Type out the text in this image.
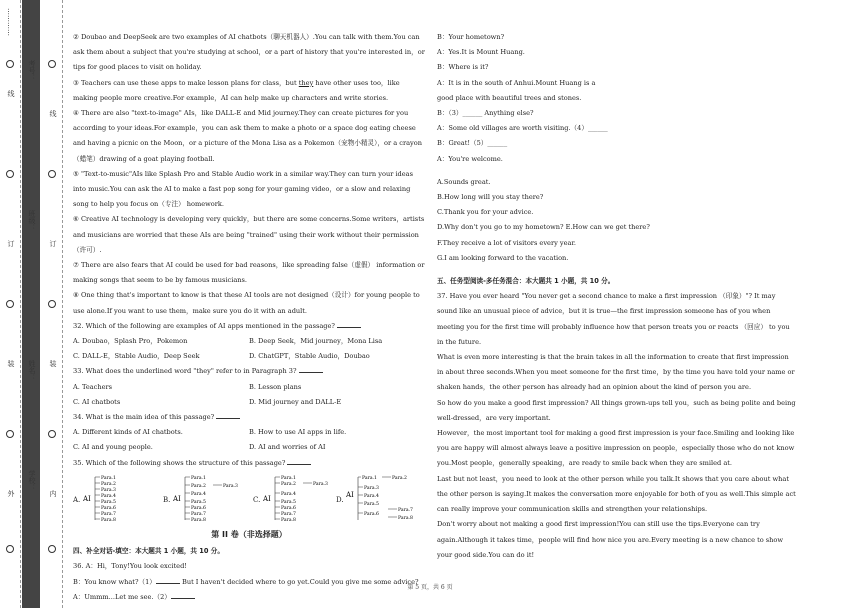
…………
线
订
装
外
考号：
班级：
姓名：
学校：
线
订
装
内

② Doubao and DeepSeek are two examples of AI chatbots（聊天机器人）.You can talk with them.You can ask them about a subject that you're studying at school，or a part of history that you're interested in，or tips for good places to visit on holiday.

③ Teachers can use these apps to make lesson plans for class，but they have other uses too，like making people more creative.For example，AI can help make up characters and write stories.

④ There are also "text-to-image" AIs，like DALL-E and Mid journey.They can create pictures for you according to your ideas.For example，you can ask them to make a photo or a space dog eating cheese and having a picnic on the Moon，or a picture of the Mona Lisa as a Pokemon（宠物小精灵），or a crayon（蜡笔）drawing of a goat playing football.

⑤ "Text-to-music"AIs like Splash Pro and Stable Audio work in a similar way.They can turn your ideas into music.You can ask the AI to make a fast pop song for your gaming video，or a slow and relaxing song to help you focus on（专注） homework.

⑥ Creative AI technology is developing very quickly，but there are some concerns.Some writers，artists and musicians are worried that these AIs are being "trained" using their work without their permission（许可）.

⑦ There are also fears that AI could be used for bad reasons，like spreading false（虚假） information or making songs that seem to be by famous musicians.

⑧ One thing that's important to know is that these AI tools are not designed（设计）for young people to use alone.If you want to use them，make sure you do it with an adult.

32. Which of the following are examples of AI apps mentioned in the passage?

A. Doubao，Splash Pro，Pokemon	B. Deep Seek，Mid journey，Mona Lisa
C. DALL-E，Stable Audio，Deep Seek	D. ChatGPT，Stable Audio，Doubao

33. What does the underlined word "they" refer to in Paragraph 3?

A. Teachers	B. Lesson plans
C. AI chatbots	D. Mid journey and DALL-E

34. What is the main idea of this passage?

A. Different kinds of AI chatbots.	B. How to use AI apps in life.
C. AI and young people.	D. AI and worries of AI

35. Which of the following shows the structure of this passage?

A. AI
Para.1
Para.2
Para.3
Para.4
Para.5
Para.6
Para.7
Para.8
B. AI
Para.1
Para.2	Para.3
Para.4
Para.5
Para.6
Para.7
Para.8
C. AI
Para.1
Para.2	Para.3
Para.4
Para.5
Para.6
Para.7
Para.8
D.
AI
Para.1	Para.2
Para.3
Para.4
Para.5
Para.6
Para.7
Para.8
第 II 卷（非选择题）

四、补全对话-填空：本大题共 1 小题，共 10 分。

36. A：Hi，Tony!You look excited!

B：You know what?（1）	But I haven't decided where to go yet.Could you give me some advice?

A：Ummm...Let me see.（2）

B：Your hometown?

A：Yes.It is Mount Huang.

B：Where is it?

A：It is in the south of Anhui.Mount Huang is a

good place with beautiful trees and stones.

B：（3）______ Anything else?

A：Some old villages are worth visiting.（4）______

B：Great!（5）______

A：You're welcome.

A.Sounds great.

B.How long will you stay there?

C.Thank you for your advice.

D.Why don't you go to my hometown? E.How can we get there?

F.They receive a lot of visitors every year.

G.I am looking forward to the vacation.

五、任务型阅读-多任务混合：本大题共 1 小题，共 10 分。

37. Have you ever heard "You never get a second chance to make a first impression （印象）"? It may sound like an unusual piece of advice，but it is true—the first impression someone has of you when meeting you for the first time will probably influence how that person treats you or reacts （回应） to you in the future.

What is even more interesting is that the brain takes in all the information to create that first impression in about three seconds.When you meet someone for the first time，by the time you have told your name or shaken hands，the other person has already had an opinion about the kind of person you are.

So how do you make a good first impression? All things grown-ups tell you，such as being polite and being well-dressed，are very important.

However，the most important tool for making a good first impression is your face.Smiling and looking like you are happy will almost always leave a positive impression on people，especially those who do not know you.Most people，generally speaking，are ready to smile back when they are smiled at.

Last but not least，you need to look at the other person while you talk.It shows that you care about what the other person is saying.It makes the conversation more enjoyable for both of you as well.This simple act can really improve your communication skills and strengthen your relationships.

Don't worry about not making a good first impression!You can still use the tips.Everyone can try again.Although it takes time，people will find how nice you are.Every meeting is a new chance to show your good side.You can do it!

第 5 页，共 6 页
